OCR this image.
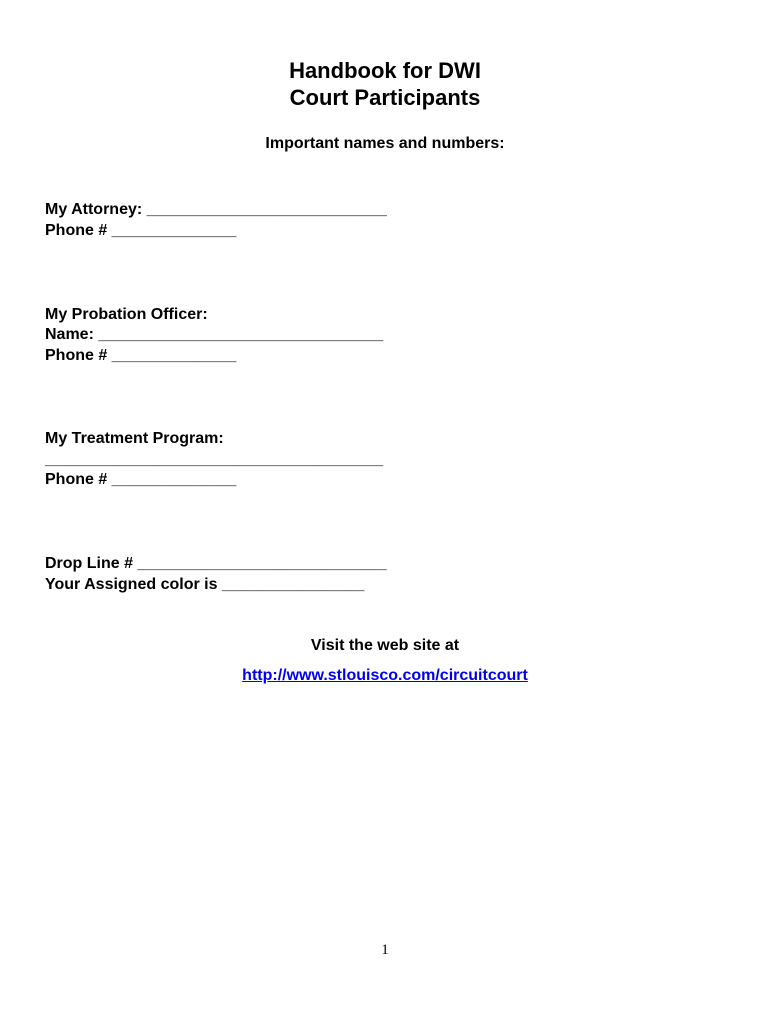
Handbook for DWI
Court Participants
Important names and numbers:
My Attorney: ___________________________
Phone # ______________
My Probation Officer:
Name: ________________________________
Phone # ______________
My Treatment Program:
______________________________________
Phone # ______________
Drop Line # ____________________________
Your Assigned color is ________________
Visit the web site at
http://www.stlouisco.com/circuitcourt
1
